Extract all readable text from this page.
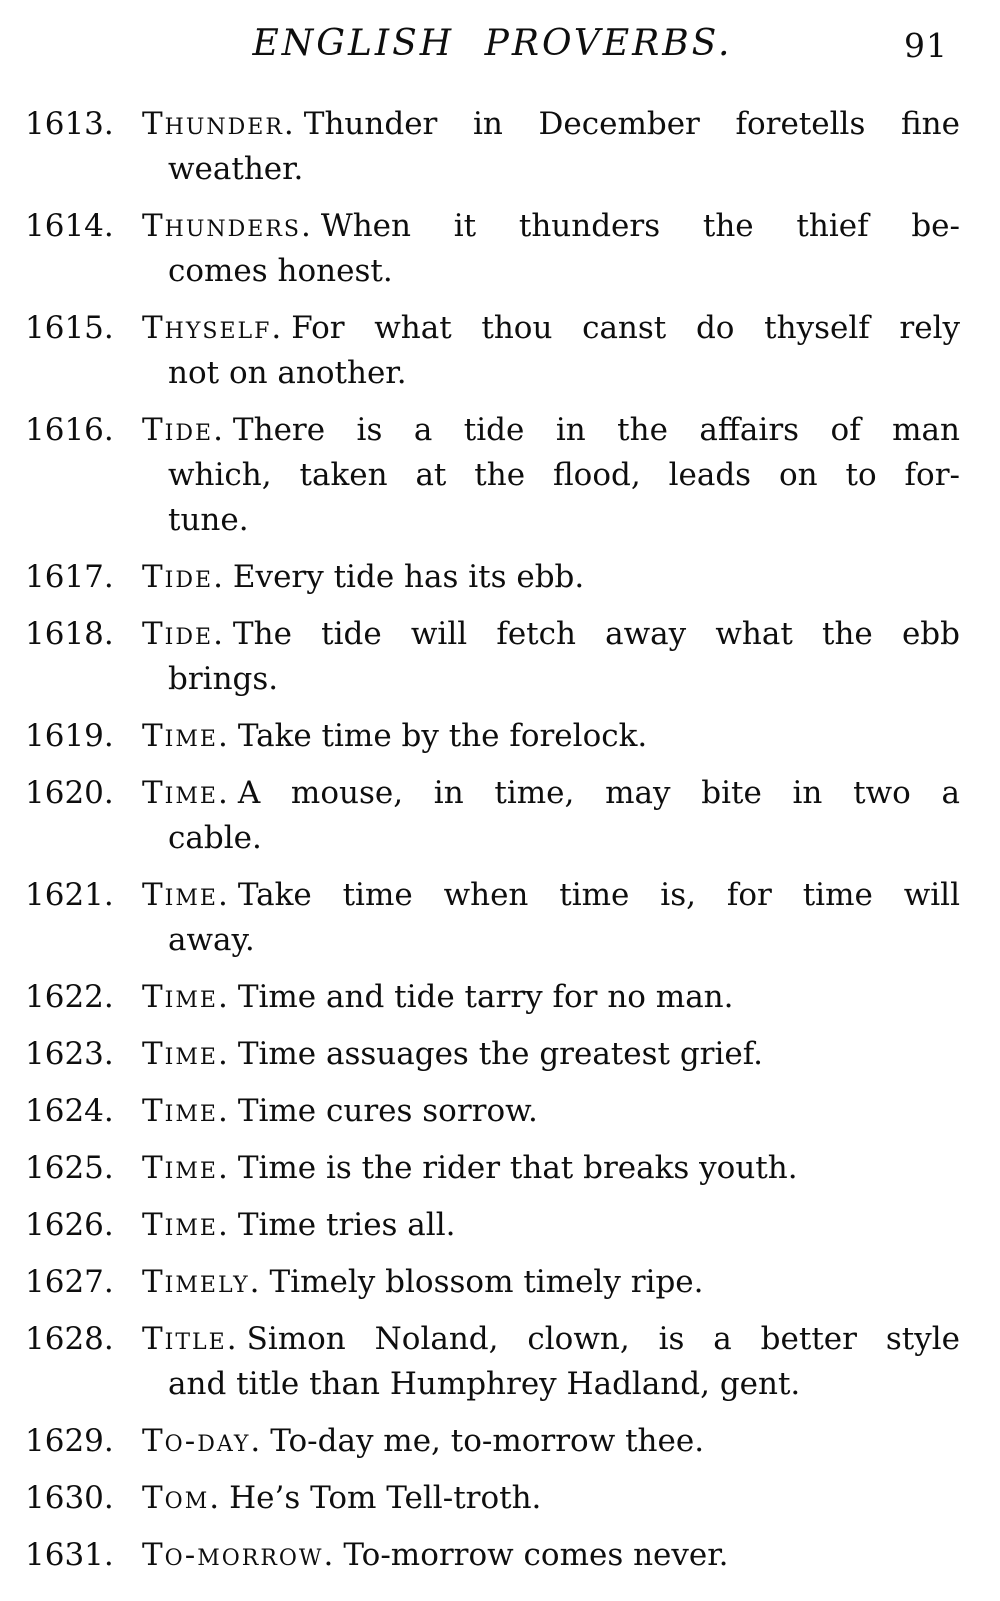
ENGLISH PROVERBS.	91
1613. Thunder. Thunder in December foretells fine
weather.
1614. Thunders. When it thunders the thief be-
comes honest.
1615. Thyself. For what thou canst do thyself rely
not on another.
1616. Tide. There is a tide in the affairs of man
which, taken at the flood, leads on to for-
tune.
1617. Tide. Every tide has its ebb.
1618. Tide. The tide will fetch away what the ebb
brings.
1619. Time. Take time by the forelock.
1620. Time. A mouse, in time, may bite in two a
cable.
1621. Time. Take time when time is, for time will
away.
1622. Time. Time and tide tarry for no man.
1623. Time. Time assuages the greatest grief.
1624. Time. Time cures sorrow.
1625. Time. Time is the rider that breaks youth.
1626. Time. Time tries all.
1627. Timely. Timely blossom timely ripe.
1628. Title. Simon Noland, clown, is a better style
and title than Humphrey Hadland, gent.
1629. To-day. To-day me, to-morrow thee.
1630. Tom. He’s Tom Tell-troth.
1631. To-morrow. To-morrow comes never.
